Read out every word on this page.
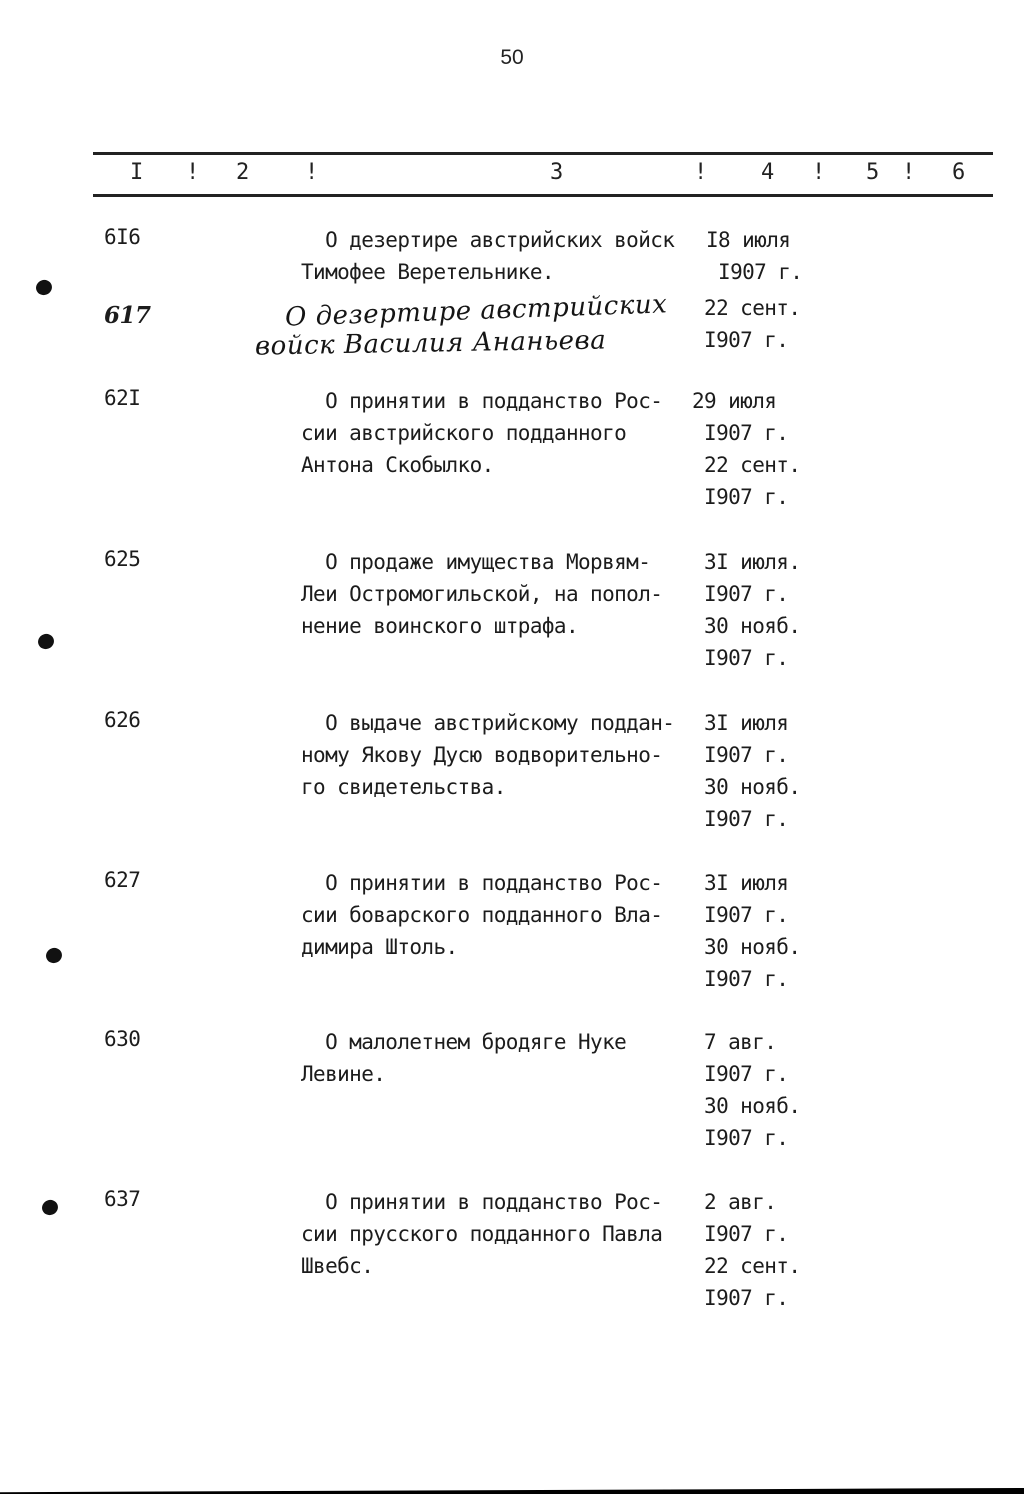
50
I ! 2	!	3	! 4 ! 5 ! 6
6I6	О дезертире австрийских войск
Тимофее Веретельнике.
I8 июля
I907 г.
617	О дезертире австрийских
войск Василия Ананьева
22 сент.
I907 г.
62I	О принятии в подданство Рос-
сии австрийского подданного
Антона Скобылко.
29 июля
I907 г.
22 сент.
I907 г.
625	О продаже имущества Морвям-
Леи Остромогильской, на попол-
нение воинского штрафа.
3I июля.
I907 г.
30 нояб.
I907 г.
626	О выдаче австрийскому поддан-
ному Якову Дусю водворительно-
го свидетельства.
3I июля
I907 г.
30 нояб.
I907 г.
627	О принятии в подданство Рос-
сии боварского подданного Вла-
димира Штоль.
3I июля
I907 г.
30 нояб.
I907 г.
630	О малолетнем бродяге Нуке
Левине.
7 авг.
I907 г.
30 нояб.
I907 г.
637	О принятии в подданство Рос-
сии прусского подданного Павла
Швебс.
2 авг.
I907 г.
22 сент.
I907 г.
